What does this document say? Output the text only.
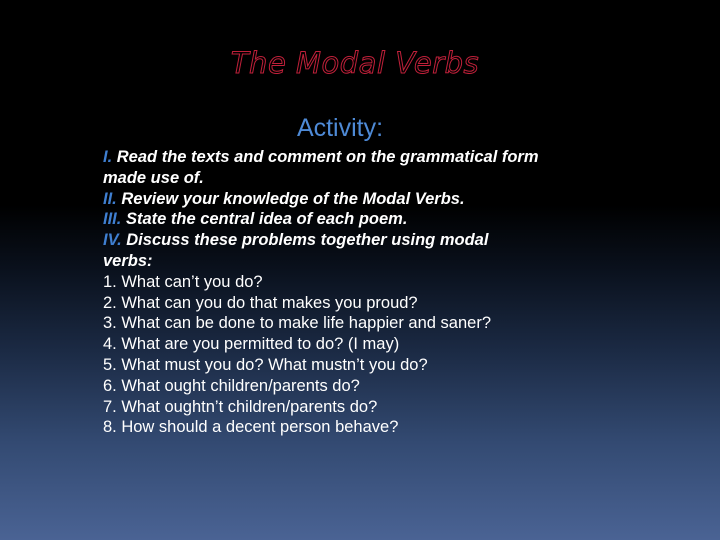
The Modal Verbs
Activity:
I. Read the texts and comment on the grammatical form
made use of.
II. Review your knowledge of the Modal Verbs.
III. State the central idea of each poem.
IV. Discuss these problems together using modal
verbs:
1. What can’t you do?
2. What can you do that makes you proud?
3. What can be done to make life happier and saner?
4. What are you permitted to do? (I may)
5. What must you do? What mustn’t you do?
6. What ought children/parents do?
7. What oughtn’t children/parents do?
8. How should a decent person behave?
